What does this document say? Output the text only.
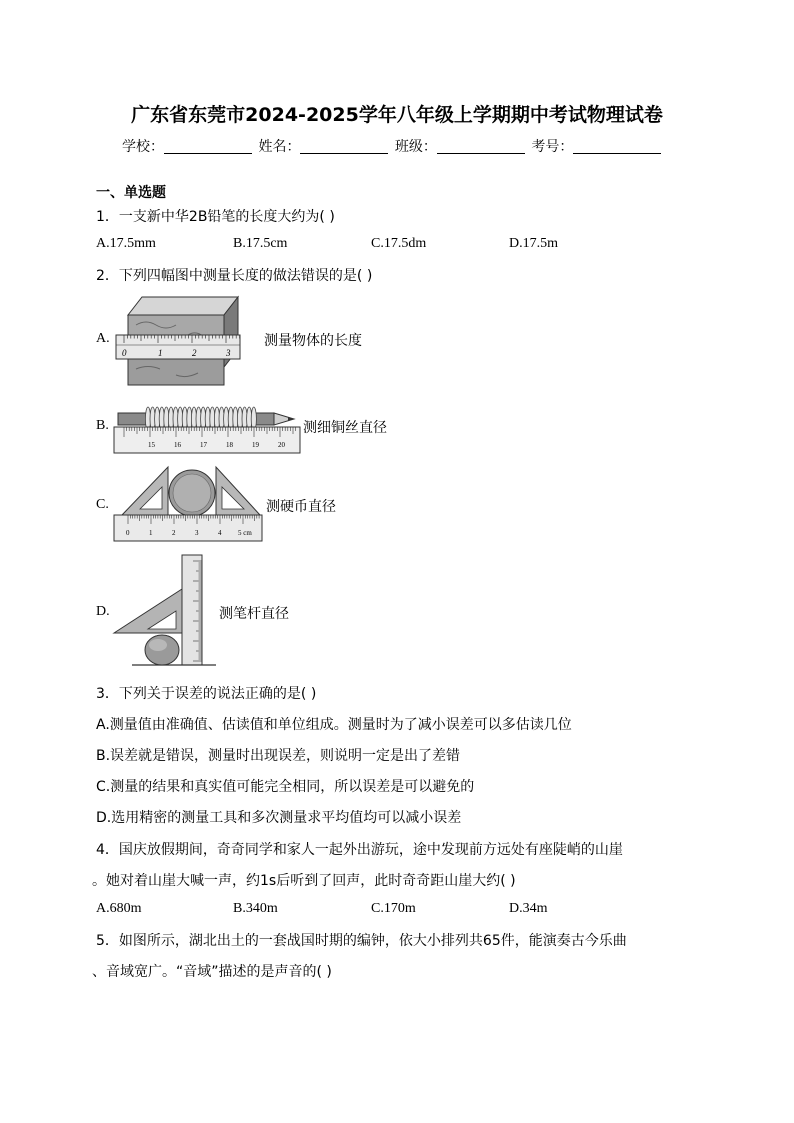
广东省东莞市2024-2025学年八年级上学期期中考试物理试卷
学校：	姓名：	班级：	考号：
一、单选题
1．一支新中华2B铅笔的长度大约为( )
A.17.5mm	B.17.5cm	C.17.5dm	D.17.5m
2．下列四幅图中测量长度的做法错误的是( )
A.
0	1	2	3
测量物体的长度
B.
15	16	17	18	19	20
测细铜丝直径
C.
0	1	2	3	4 5 cm
测硬币直径
D.	测笔杆直径
3．下列关于误差的说法正确的是( )
A.测量值由准确值、估读值和单位组成。测量时为了减小误差可以多估读几位
B.误差就是错误，测量时出现误差，则说明一定是出了差错
C.测量的结果和真实值可能完全相同，所以误差是可以避免的
D.选用精密的测量工具和多次测量求平均值均可以减小误差
4．国庆放假期间，奇奇同学和家人一起外出游玩，途中发现前方远处有座陡峭的山崖
。她对着山崖大喊一声，约1s后听到了回声，此时奇奇距山崖大约( )
A.680m	B.340m	C.170m	D.34m
5．如图所示，湖北出土的一套战国时期的编钟，依大小排列共65件，能演奏古今乐曲
、音域宽广。“音域”描述的是声音的( )
